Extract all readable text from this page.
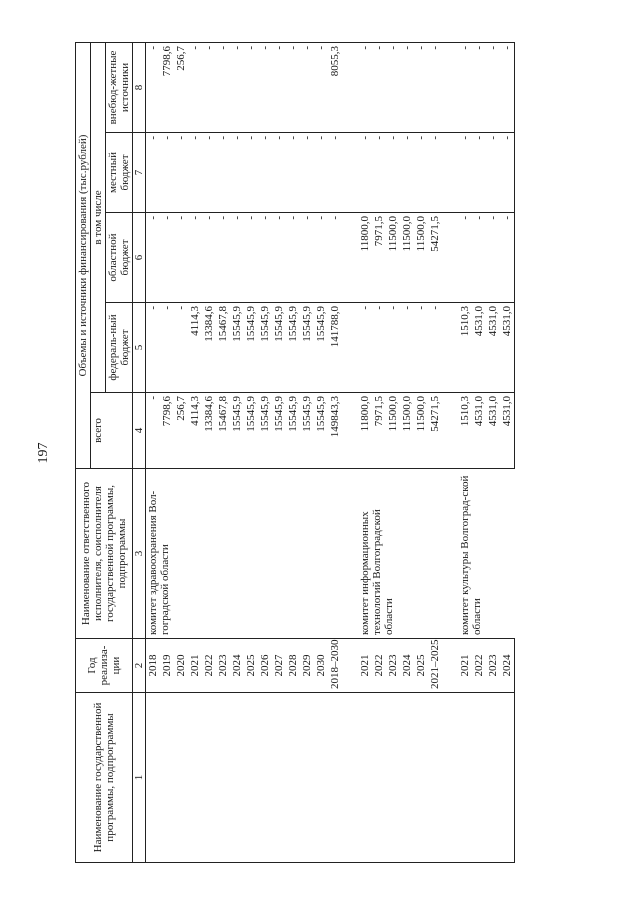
197
Наименование государственной программы, подпрограммы	Год реализа-ции	Наименование ответственного исполнителя, соисполнителя государственной программы, подпрограммы	Объемы и источники финансирования (тыс.рублей)				
			всего	в том числе			
				федераль-ный бюджет	областной бюджет	местный бюджет	внебюд-жетные источники
1	2	3	4	5	6	7	8
	2018	комитет здравоохранения Вол-гоградской области	-	-	-	-	-
	2019		7798,6	-	-	-	7798,6
	2020		256,7	-	-	-	256,7
	2021		4114,3	4114,3	-	-	-
	2022		13384,6	13384,6	-	-	-
	2023		15467,8	15467,8	-	-	-
	2024		15545,9	15545,9	-	-	-
	2025		15545,9	15545,9	-	-	-
	2026		15545,9	15545,9	-	-	-
	2027		15545,9	15545,9	-	-	-
	2028		15545,9	15545,9	-	-	-
	2029		15545,9	15545,9	-	-	-
	2030		15545,9	15545,9	-	-	-
	2018–2030		149843,3	141788,0	-	-	8055,3

	2021	комитет информационных технологий Волгоградской области	11800,0	-	11800,0	-	-
	2022		7971,5	-	7971,5	-	-
	2023		11500,0	-	11500,0	-	-
	2024		11500,0	-	11500,0	-	-
	2025		11500,0	-	11500,0	-	-
	2021–2025		54271,5	-	54271,5	-	-

	2021	комитет культуры Волгоград-ской области	1510,3	1510,3	-	-	-
	2022		4531,0	4531,0	-	-	-
	2023		4531,0	4531,0	-	-	-
	2024		4531,0	4531,0	-	-	-
